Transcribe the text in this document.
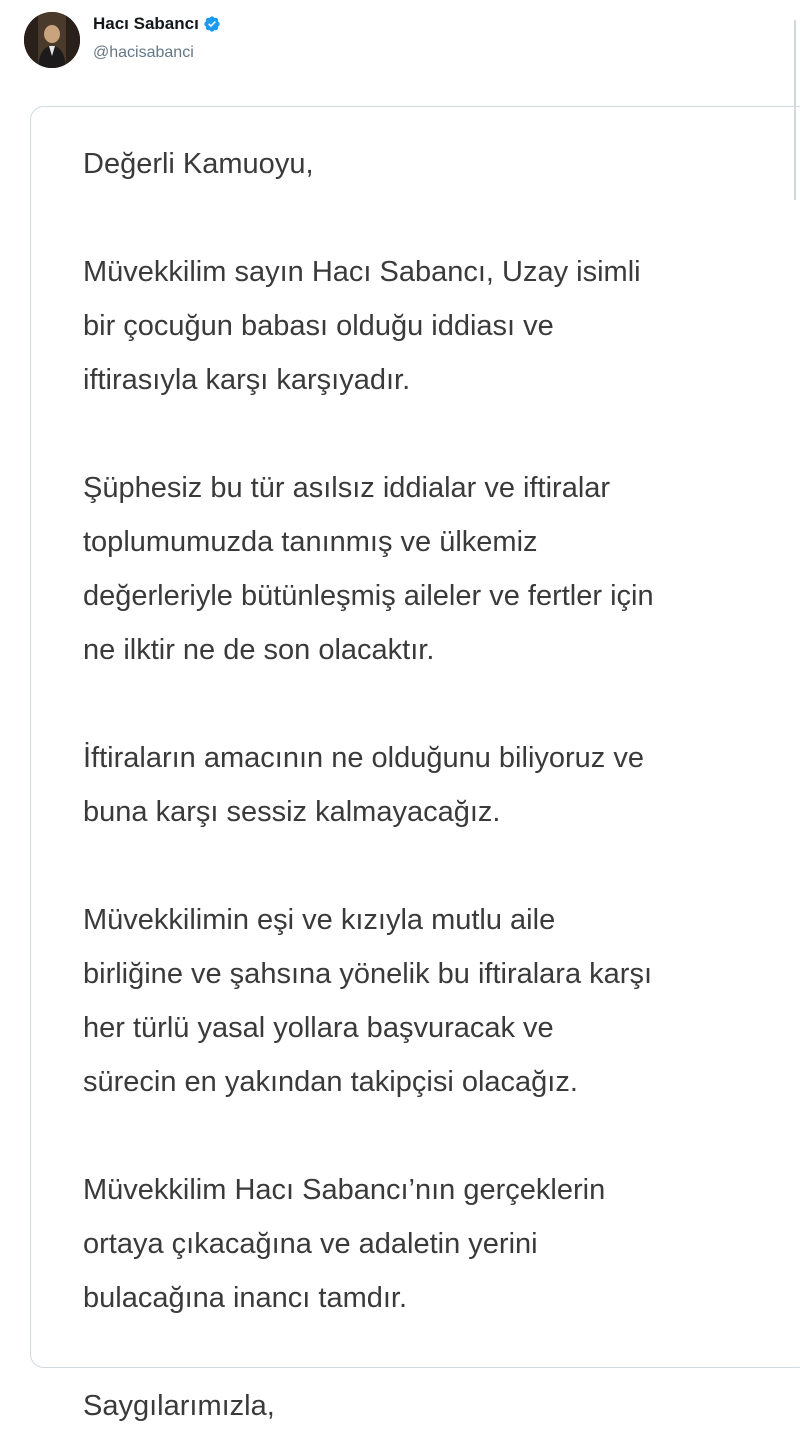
Hacı Sabancı
@hacisabanci

Değerli Kamuoyu,

Müvekkilim sayın Hacı Sabancı, Uzay isimli
bir çocuğun babası olduğu iddiası ve
iftirasıyla karşı karşıyadır.

Şüphesiz bu tür asılsız iddialar ve iftiralar
toplumumuzda tanınmış ve ülkemiz
değerleriyle bütünleşmiş aileler ve fertler için
ne ilktir ne de son olacaktır.

İftiraların amacının ne olduğunu biliyoruz ve
buna karşı sessiz kalmayacağız.

Müvekkilimin eşi ve kızıyla mutlu aile
birliğine ve şahsına yönelik bu iftiralara karşı
her türlü yasal yollara başvuracak ve
sürecin en yakından takipçisi olacağız.

Müvekkilim Hacı Sabancı’nın gerçeklerin
ortaya çıkacağına ve adaletin yerini
bulacağına inancı tamdır.

Saygılarımızla,
